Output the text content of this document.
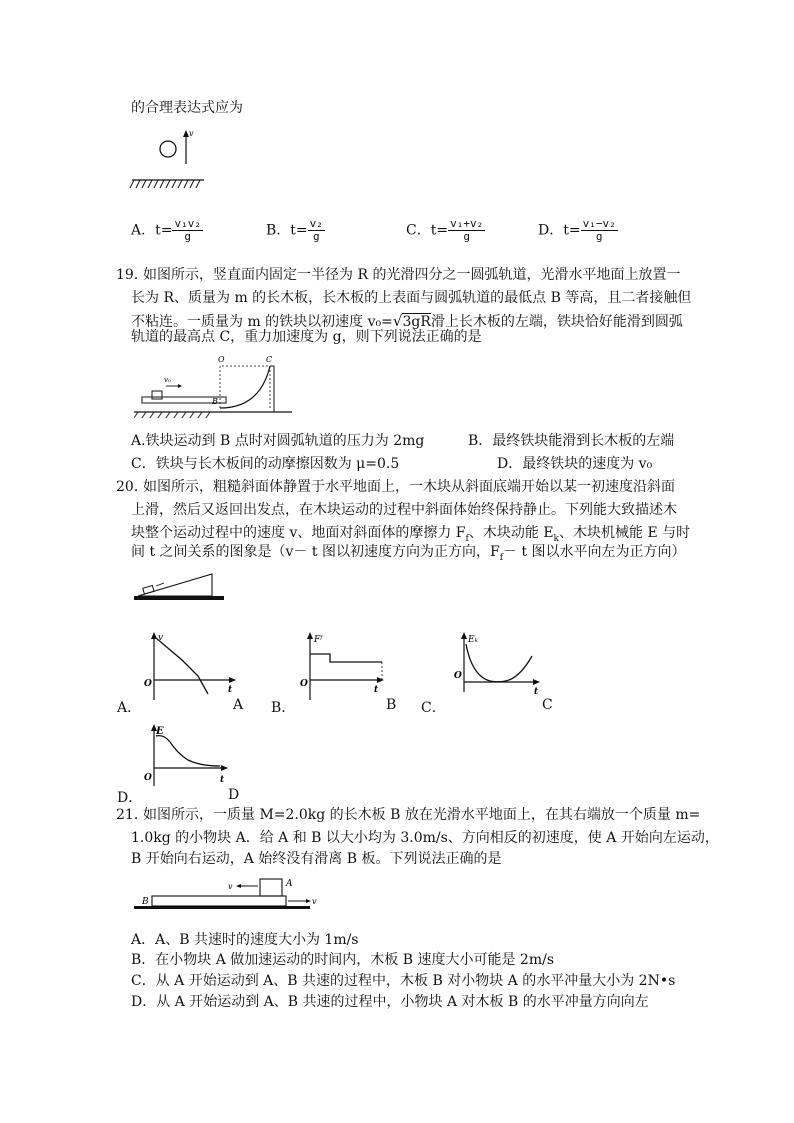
的合理表达式应为
v
A．$t= \frac{\text{v₁v₂}}{g}$	B．$t= \frac{\text{v₂}}{g}$	C．$t= \frac{\text{v₁+v₂}}{g}$	D．$t= \frac{\text{v₁−v₂}}{g}$
19．
如图所示，竖直面内固定一半径为 R 的光滑四分之一圆弧轨道，光滑水平地面上放置一
长为 R、质量为 m 的长木板，长木板的上表面与圆弧轨道的最低点 B 等高，且二者接触但
不粘连。一质量为 m 的铁块以初速度 v₀=√3gR滑上长木板的左端，铁块恰好能滑到圆弧
轨道的最高点 C，重力加速度为 g，则下列说法正确的是
v₀
O	C
B
A.铁块运动到 B 点时对圆弧轨道的压力为 2mg	B．最终铁块能滑到长木板的左端
C．铁块与长木板间的动摩擦因数为 μ=0.5	D．最终铁块的速度为 v₀
20．
如图所示，粗糙斜面体静置于水平地面上，一木块从斜面底端开始以某一初速度沿斜面
上滑，然后又返回出发点，在木块运动的过程中斜面体始终保持静止。下列能大致描述木
块整个运动过程中的速度 v、地面对斜面体的摩擦力 $F_f$、木块动能 $E_k$、木块机械能 E 与时
间 t 之间关系的图象是（v－ t 图以初速度方向为正方向，$F_f- t$ 图以水平向左为正方向）
v
O
t
Fᶠ
O
t
Eₖ
O
t
A．	A B．	B C．	C
E
O	t
D．	D
21．
如图所示，一质量 M=2.0kg 的长木板 B 放在光滑水平地面上，在其右端放一个质量 m=
1.0kg 的小物块 A．给 A 和 B 以大小均为 3.0m/s、方向相反的初速度，使 A 开始向左运动，
B 开始向右运动，A 始终没有滑离 B 板。下列说法正确的是
v
v
A
B
A．A、B 共速时的速度大小为 1m/s
B．在小物块 A 做加速运动的时间内，木板 B 速度大小可能是 2m/s
C．从 A 开始运动到 A、B 共速的过程中，木板 B 对小物块 A 的水平冲量大小为 2N•s
D．从 A 开始运动到 A、B 共速的过程中，小物块 A 对木板 B 的水平冲量方向向左
